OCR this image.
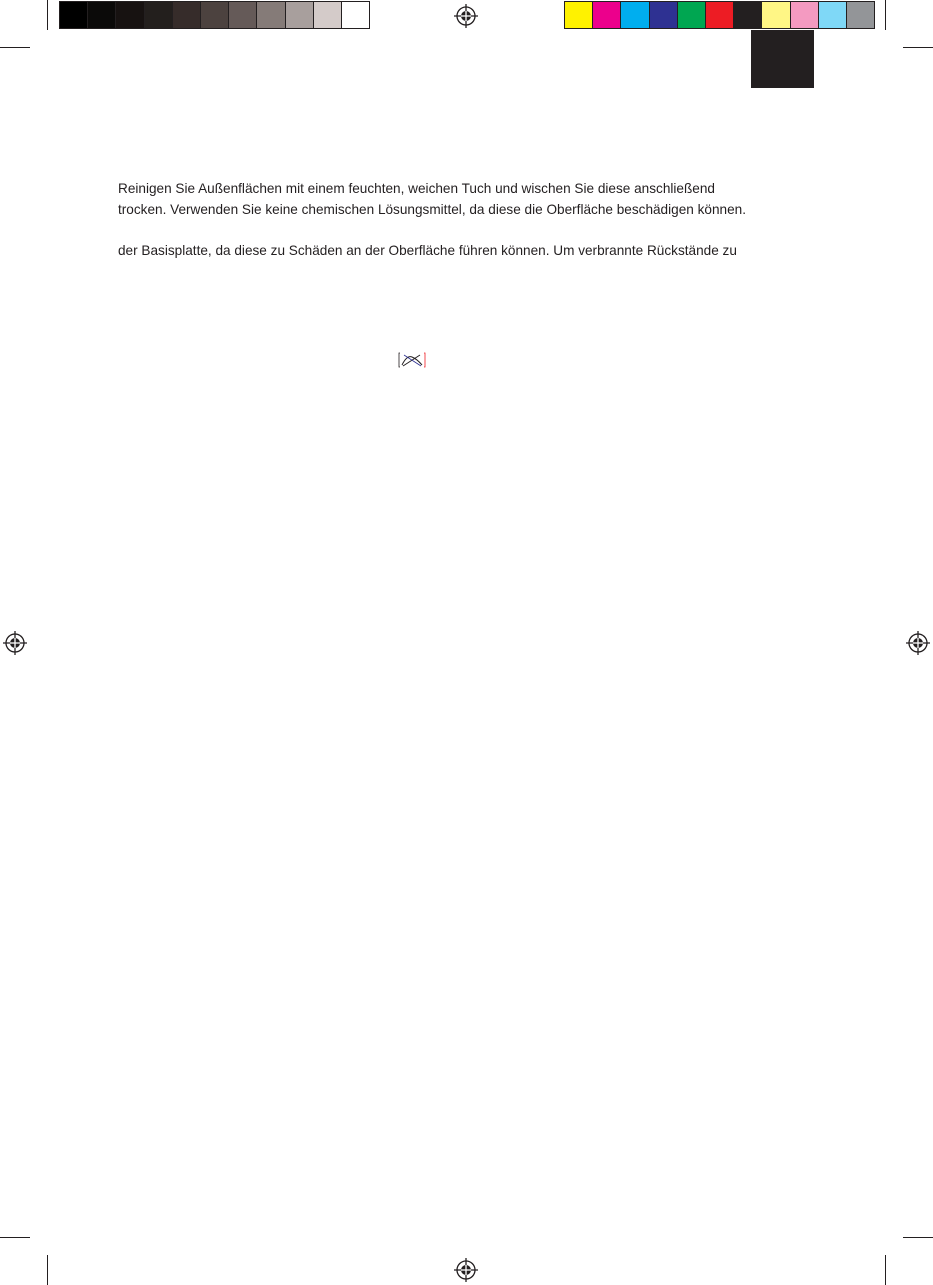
Reinigen Sie Außenflächen mit einem feuchten, weichen Tuch und wischen Sie diese anschließend
trocken. Verwenden Sie keine chemischen Lösungsmittel, da diese die Oberfläche beschädigen können.
der Basisplatte, da diese zu Schäden an der Oberfläche führen können. Um verbrannte Rückstände zu
